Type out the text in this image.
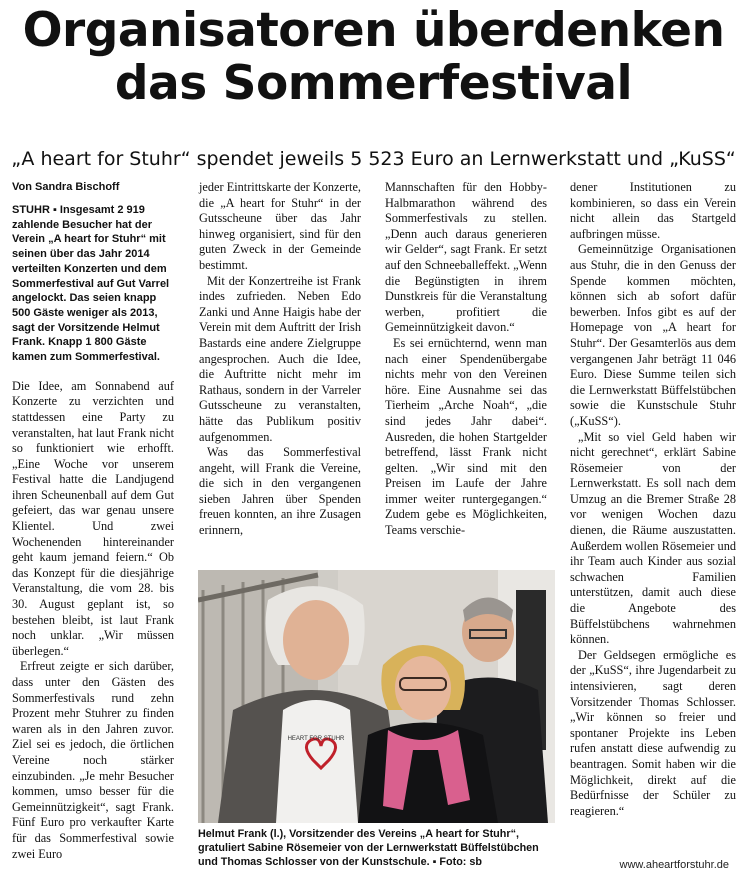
Organisatoren überdenken
das Sommerfestival
„A heart for Stuhr“ spendet jeweils 5 523 Euro an Lernwerkstatt und „KuSS“
Von Sandra Bischoff
STUHR ▪ Insgesamt 2 919 zahlende Besucher hat der Verein „A heart for Stuhr“ mit seinen über das Jahr 2014 verteilten Konzerten und dem Sommerfestival auf Gut Varrel angelockt. Das seien knapp 500 Gäste weniger als 2013, sagt der Vorsitzende Helmut Frank. Knapp 1 800 Gäste kamen zum Sommerfestival.

Die Idee, am Sonnabend auf Konzerte zu verzichten und stattdessen eine Party zu veranstalten, hat laut Frank nicht so funktioniert wie erhofft. „Eine Woche vor unserem Festival hatte die Landjugend ihren Scheunenball auf dem Gut gefeiert, das war genau unsere Klientel. Und zwei Wochenenden hintereinander geht kaum jemand feiern.“ Ob das Konzept für die diesjährige Veranstaltung, die vom 28. bis 30. August geplant ist, so bestehen bleibt, ist laut Frank noch unklar. „Wir müssen überlegen.“

Erfreut zeigte er sich darüber, dass unter den Gästen des Sommerfestivals rund zehn Prozent mehr Stuhrer zu finden waren als in den Jahren zuvor. Ziel sei es jedoch, die örtlichen Vereine noch stärker einzubinden. „Je mehr Besucher kommen, umso besser für die Gemeinnützigkeit“, sagt Frank. Fünf Euro pro verkaufter Karte für das Sommerfestival sowie zwei Euro

jeder Eintrittskarte der Konzerte, die „A heart for Stuhr“ in der Gutsscheune über das Jahr hinweg organisiert, sind für den guten Zweck in der Gemeinde bestimmt.

Mit der Konzertreihe ist Frank indes zufrieden. Neben Edo Zanki und Anne Haigis habe der Verein mit dem Auftritt der Irish Bastards eine andere Zielgruppe angesprochen. Auch die Idee, die Auftritte nicht mehr im Rathaus, sondern in der Varreler Gutsscheune zu veranstalten, hätte das Publikum positiv aufgenommen.

Was das Sommerfestival angeht, will Frank die Vereine, die sich in den vergangenen sieben Jahren über Spenden freuen konnten, an ihre Zusagen erinnern,

Mannschaften für den Hobby-Halbmarathon während des Sommerfestivals zu stellen. „Denn auch daraus generieren wir Gelder“, sagt Frank. Er setzt auf den Schneeballeffekt. „Wenn die Begünstigten in ihrem Dunstkreis für die Veranstaltung werben, profitiert die Gemeinnützigkeit davon.“

Es sei ernüchternd, wenn man nach einer Spendenübergabe nichts mehr von den Vereinen höre. Eine Ausnahme sei das Tierheim „Arche Noah“, „die sind jedes Jahr dabei“. Ausreden, die hohen Startgelder betreffend, lässt Frank nicht gelten. „Wir sind mit den Preisen im Laufe der Jahre immer weiter runtergegangen.“ Zudem gebe es Möglichkeiten, Teams verschie-

dener Institutionen zu kombinieren, so dass ein Verein nicht allein das Startgeld aufbringen müsse.

Gemeinnützige Organisationen aus Stuhr, die in den Genuss der Spende kommen möchten, können sich ab sofort dafür bewerben. Infos gibt es auf der Homepage von „A heart for Stuhr“. Der Gesamterlös aus dem vergangenen Jahr beträgt 11 046 Euro. Diese Summe teilen sich die Lernwerkstatt Büffelstübchen sowie die Kunstschule Stuhr („KuSS“).

„Mit so viel Geld haben wir nicht gerechnet“, erklärt Sabine Rösemeier von der Lernwerkstatt. Es soll nach dem Umzug an die Bremer Straße 28 vor wenigen Wochen dazu dienen, die Räume auszustatten. Außerdem wollen Rösemeier und ihr Team auch Kinder aus sozial schwachen Familien unterstützen, damit auch diese die Angebote des Büffelstübchens wahrnehmen können.

Der Geldsegen ermögliche es der „KuSS“, ihre Jugendarbeit zu intensivieren, sagt deren Vorsitzender Thomas Schlosser. „Wir können so freier und spontaner Projekte ins Leben rufen anstatt diese aufwendig zu beantragen. Somit haben wir die Möglichkeit, direkt auf die Bedürfnisse der Schüler zu reagieren.“

HEART FOR STUHR
Helmut Frank (l.), Vorsitzender des Vereins „A heart for Stuhr“, gratuliert Sabine Rösemeier von der Lernwerkstatt Büffelstübchen und Thomas Schlosser von der Kunstschule. ▪ Foto: sb	www.aheartforstuhr.de
